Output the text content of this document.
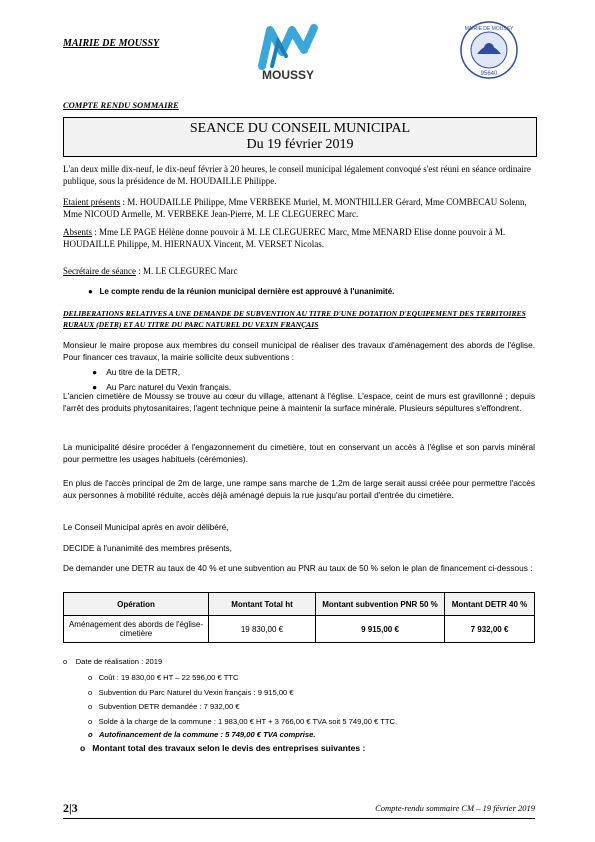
MAIRIE DE MOUSSY
MOUSSY
MAIRIE DE MOUSSY
95640
COMPTE RENDU SOMMAIRE
SEANCE DU CONSEIL MUNICIPAL
Du 19 février 2019
L'an deux mille dix-neuf, le dix-neuf février à 20 heures, le conseil municipal légalement convoqué s'est réuni en séance ordinaire publique, sous la présidence de M. HOUDAILLE Philippe.
Etaient présents : M. HOUDAILLE Philippe, Mme VERBEKE Muriel, M. MONTHILLER Gérard, Mme COMBECAU Solenn, Mme NICOUD Armelle, M. VERBEKE Jean-Pierre, M. LE CLEGUEREC Marc.
Absents : Mme LE PAGE Hélène donne pouvoir à M. LE CLEGUEREC Marc, Mme MENARD Elise donne pouvoir à M. HOUDAILLE Philippe, M. HIERNAUX Vincent, M. VERSET Nicolas.
Secrétaire de séance : M. LE CLEGUREC Marc
● Le compte rendu de la réunion municipal dernière est approuvé à l'unanimité.
DELIBERATIONS RELATIVES A UNE DEMANDE DE SUBVENTION AU TITRE D'UNE DOTATION D'EQUIPEMENT DES TERRITOIRES RURAUX (DETR) ET AU TITRE DU PARC NATUREL DU VEXIN FRANÇAIS
Monsieur le maire propose aux membres du conseil municipal de réaliser des travaux d'aménagement des abords de l'église. Pour financer ces travaux, la mairie sollicite deux subventions :
● Au titre de la DETR,
● Au Parc naturel du Vexin français.
L'ancien cimetière de Moussy se trouve au cœur du village, attenant à l'église. L'espace, ceint de murs est gravillonné ; depuis l'arrêt des produits phytosanitaires, l'agent technique peine à maintenir la surface minérale. Plusieurs sépultures s'effondrent.
La municipalité désire procéder à l'engazonnement du cimetière, tout en conservant un accès à l'église et son parvis minéral pour permettre les usages habituels (cérémonies).
En plus de l'accès principal de 2m de large, une rampe sans marche de 1,2m de large serait aussi créée pour permettre l'accès aux personnes à mobilité réduite, accès déjà aménagé depuis la rue jusqu'au portail d'entrée du cimetière.
Le Conseil Municipal après en avoir délibéré,
DECIDE à l'unanimité des membres présents,
De demander une DETR au taux de 40 % et une subvention au PNR au taux de 50 % selon le plan de financement ci-dessous :
Opération	Montant Total ht	Montant subvention PNR 50 %	Montant DETR 40 %
Aménagement des abords de l'église-cimetière	19 830,00 €	9 915,00 €	7 932,00 €
o Date de réalisation : 2019
o Coût : 19 830,00 € HT – 22 596,00 € TTC
o Subvention du Parc Naturel du Vexin français : 9 915,00 €
o Subvention DETR demandée : 7 932,00 €
o Solde à la charge de la commune : 1 983,00 € HT + 3 766,00 € TVA soit 5 749,00 € TTC.
o Autofinancement de la commune : 5 749,00 € TVA comprise.
o Montant total des travaux selon le devis des entreprises suivantes :
2|3	Compte-rendu sommaire CM – 19 février 2019
